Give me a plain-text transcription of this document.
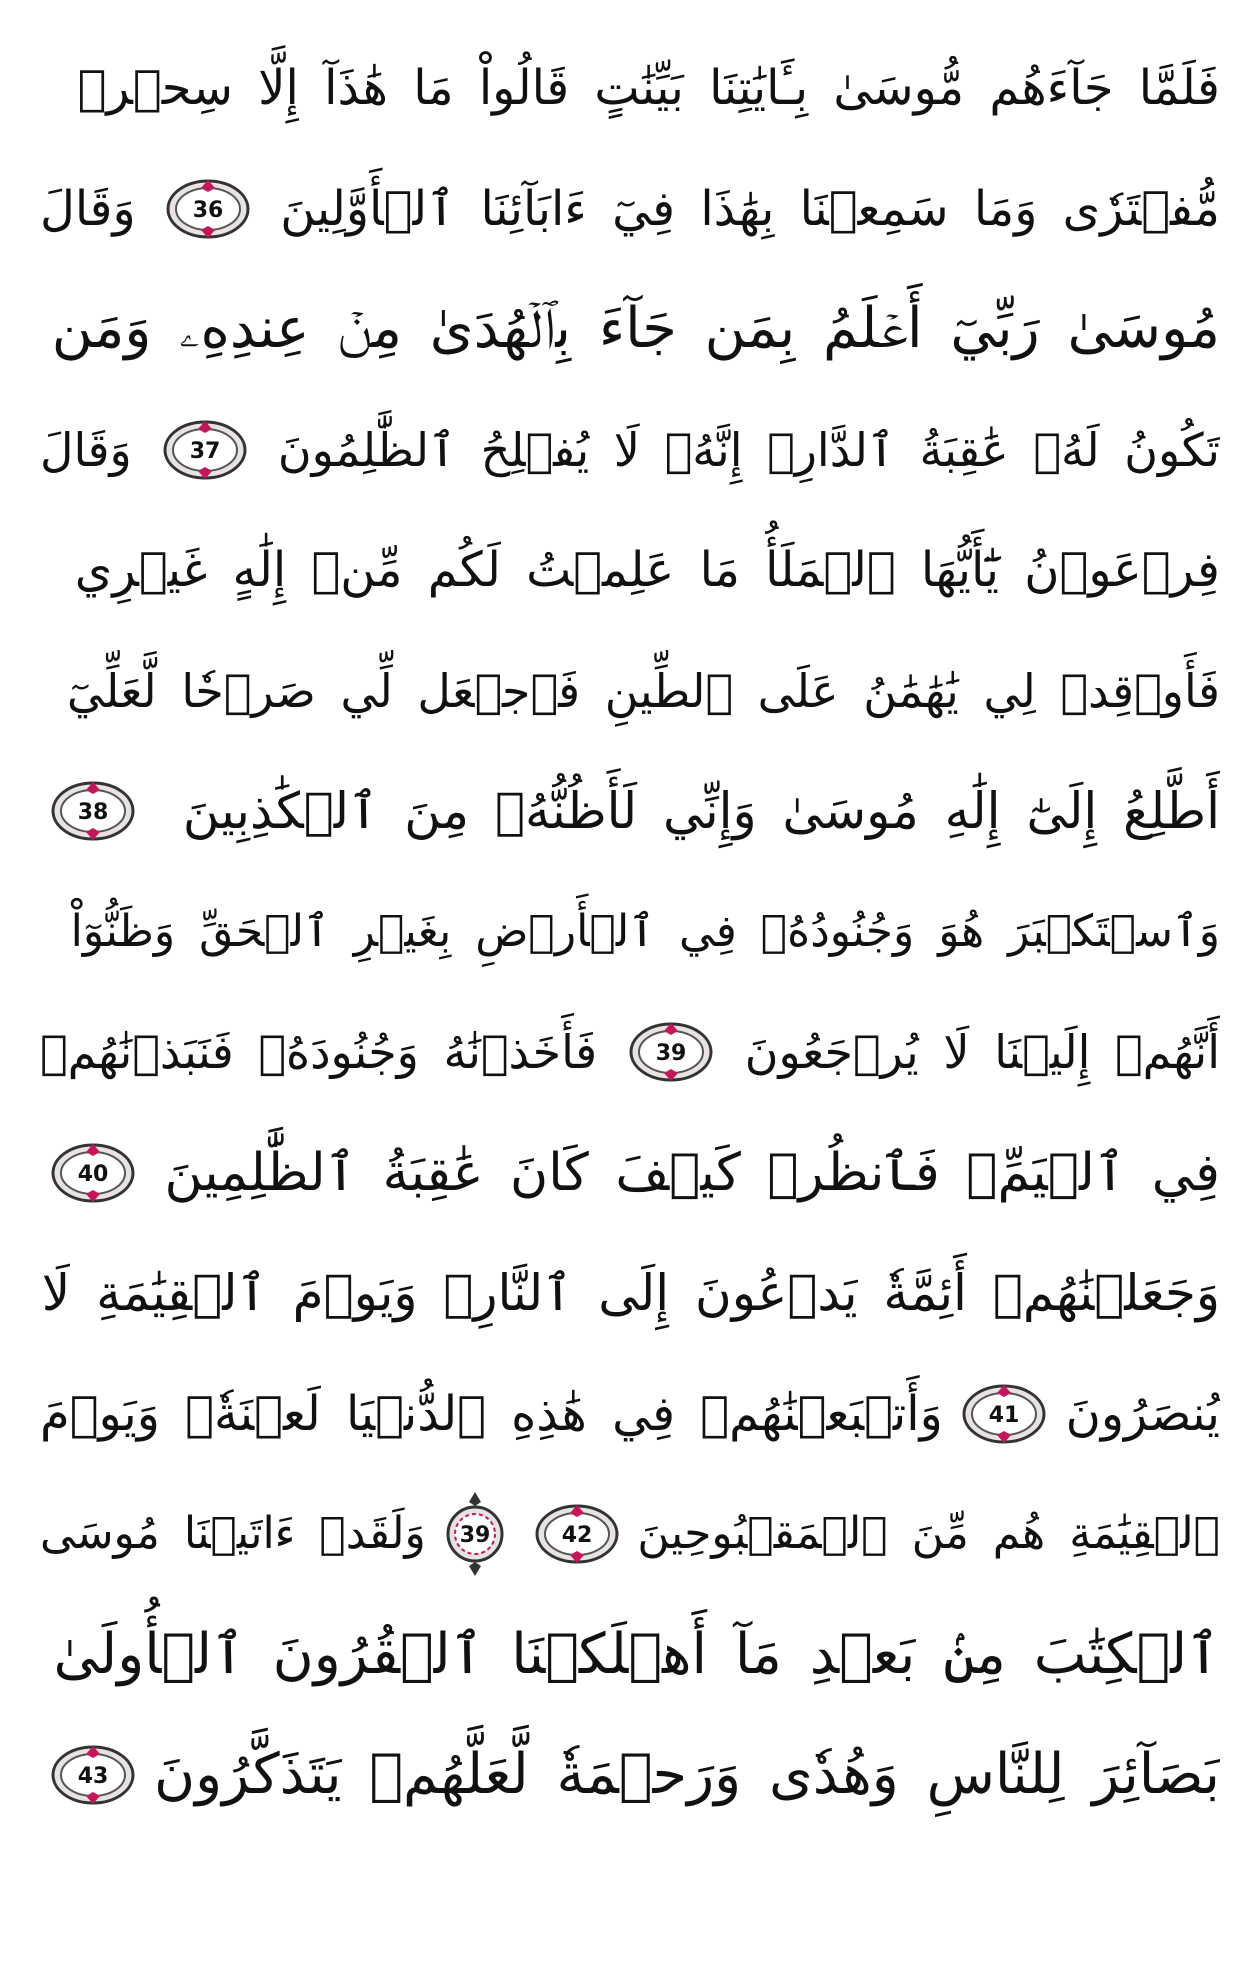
فَلَمَّا جَآءَهُم مُّوسَىٰ بِـَٔايَٰتِنَا بَيِّنَٰتٍ قَالُواْ مَا هَٰذَآ إِلَّا سِحۡرٞ
مُّفۡتَرٗى وَمَا سَمِعۡنَا بِهَٰذَا فِيٓ ءَابَآئِنَا ٱلۡأَوَّلِينَ
36
وَقَالَ
مُوسَىٰ رَبِّيٓ أَعۡلَمُ بِمَن جَآءَ بِٱلۡهُدَىٰ مِنۡ عِندِهِۦ وَمَن
تَكُونُ لَهُۥ عَٰقِبَةُ ٱلدَّارِۚ إِنَّهُۥ لَا يُفۡلِحُ ٱلظَّٰلِمُونَ
37
وَقَالَ
فِرۡعَوۡنُ يَٰٓأَيُّهَا ٱلۡمَلَأُ مَا عَلِمۡتُ لَكُم مِّنۡ إِلَٰهٍ غَيۡرِي
فَأَوۡقِدۡ لِي يَٰهَٰمَٰنُ عَلَى ٱلطِّينِ فَٱجۡعَل لِّي صَرۡحٗا لَّعَلِّيٓ
أَطَّلِعُ إِلَىٰٓ إِلَٰهِ مُوسَىٰ وَإِنِّي لَأَظُنُّهُۥ مِنَ ٱلۡكَٰذِبِينَ
38
وَٱسۡتَكۡبَرَ هُوَ وَجُنُودُهُۥ فِي ٱلۡأَرۡضِ بِغَيۡرِ ٱلۡحَقِّ وَظَنُّوٓاْ
أَنَّهُمۡ إِلَيۡنَا لَا يُرۡجَعُونَ
39
فَأَخَذۡنَٰهُ وَجُنُودَهُۥ فَنَبَذۡنَٰهُمۡ
فِي ٱلۡيَمِّۖ فَٱنظُرۡ كَيۡفَ كَانَ عَٰقِبَةُ ٱلظَّٰلِمِينَ
40
وَجَعَلۡنَٰهُمۡ أَئِمَّةٗ يَدۡعُونَ إِلَى ٱلنَّارِۖ وَيَوۡمَ ٱلۡقِيَٰمَةِ لَا
يُنصَرُونَ
41
وَأَتۡبَعۡنَٰهُمۡ فِي هَٰذِهِ ٱلدُّنۡيَا لَعۡنَةٗۖ وَيَوۡمَ
ٱلۡقِيَٰمَةِ هُم مِّنَ ٱلۡمَقۡبُوحِينَ
42
39
وَلَقَدۡ ءَاتَيۡنَا مُوسَى
ٱلۡكِتَٰبَ مِنۢ بَعۡدِ مَآ أَهۡلَكۡنَا ٱلۡقُرُونَ ٱلۡأُولَىٰ
بَصَآئِرَ لِلنَّاسِ وَهُدٗى وَرَحۡمَةٗ لَّعَلَّهُمۡ يَتَذَكَّرُونَ
43
